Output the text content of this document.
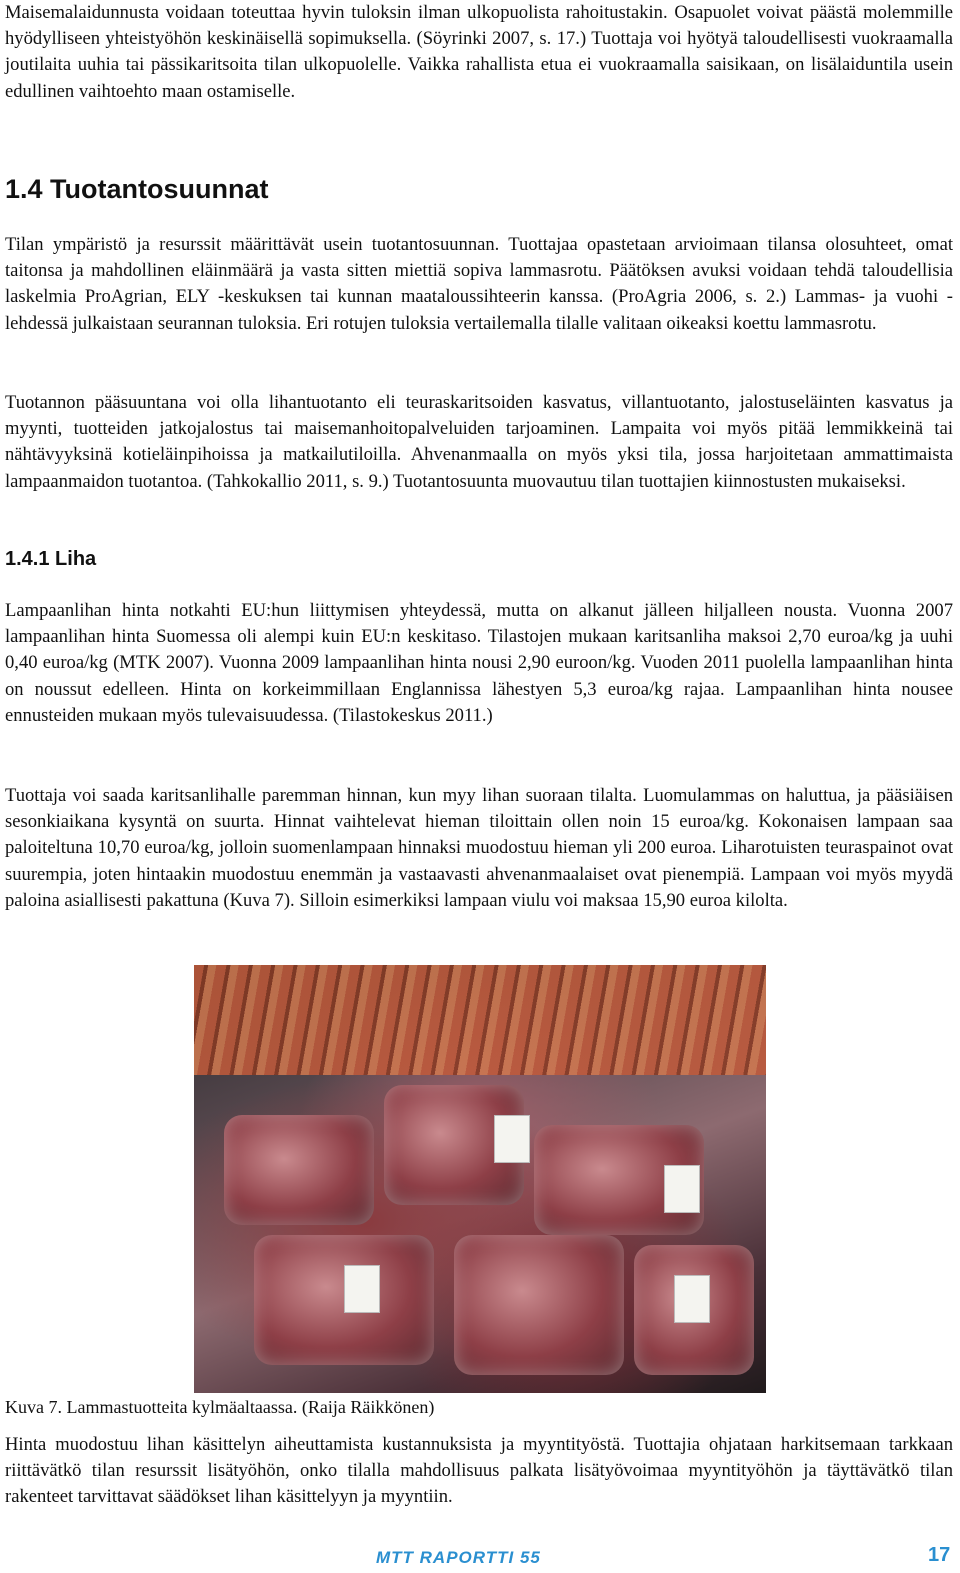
Maisemalaidunnusta voidaan toteuttaa hyvin tuloksin ilman ulkopuolista rahoitustakin. Osapuolet voivat päästä molemmille hyödylliseen yhteistyöhön keskinäisellä sopimuksella. (Söyrinki 2007, s. 17.) Tuottaja voi hyötyä taloudellisesti vuokraamalla joutilaita uuhia tai pässikaritsoita tilan ulkopuolelle. Vaikka rahallista etua ei vuokraamalla saisikaan, on lisälaiduntila usein edullinen vaihtoehto maan ostamiselle.

1.4 Tuotantosuunnat

Tilan ympäristö ja resurssit määrittävät usein tuotantosuunnan. Tuottajaa opastetaan arvioimaan tilansa olosuhteet, omat taitonsa ja mahdollinen eläinmäärä ja vasta sitten miettiä sopiva lammasrotu. Päätöksen avuksi voidaan tehdä taloudellisia laskelmia ProAgrian, ELY -keskuksen tai kunnan maataloussihteerin kanssa. (ProAgria 2006, s. 2.) Lammas- ja vuohi -lehdessä julkaistaan seurannan tuloksia. Eri rotujen tuloksia vertailemalla tilalle valitaan oikeaksi koettu lammasrotu.

Tuotannon pääsuuntana voi olla lihantuotanto eli teuraskaritsoiden kasvatus, villantuotanto, jalostuseläinten kasvatus ja myynti, tuotteiden jatkojalostus tai maisemanhoitopalveluiden tarjoaminen. Lampaita voi myös pitää lemmikkeinä tai nähtävyyksinä kotieläinpihoissa ja matkailutiloilla. Ahvenanmaalla on myös yksi tila, jossa harjoitetaan ammattimaista lampaanmaidon tuotantoa. (Tahkokallio 2011, s. 9.) Tuotantosuunta muovautuu tilan tuottajien kiinnostusten mukaiseksi.

1.4.1 Liha

Lampaanlihan hinta notkahti EU:hun liittymisen yhteydessä, mutta on alkanut jälleen hiljalleen nousta. Vuonna 2007 lampaanlihan hinta Suomessa oli alempi kuin EU:n keskitaso. Tilastojen mukaan karitsanliha maksoi 2,70 euroa/kg ja uuhi 0,40 euroa/kg (MTK 2007). Vuonna 2009 lampaanlihan hinta nousi 2,90 euroon/kg. Vuoden 2011 puolella lampaanlihan hinta on noussut edelleen. Hinta on korkeimmillaan Englannissa lähestyen 5,3 euroa/kg rajaa. Lampaanlihan hinta nousee ennusteiden mukaan myös tulevaisuudessa. (Tilastokeskus 2011.)

Tuottaja voi saada karitsanlihalle paremman hinnan, kun myy lihan suoraan tilalta. Luomulammas on haluttua, ja pääsiäisen sesonkiaikana kysyntä on suurta. Hinnat vaihtelevat hieman tiloittain ollen noin 15 euroa/kg. Kokonaisen lampaan saa paloiteltuna 10,70 euroa/kg, jolloin suomenlampaan hinnaksi muodostuu hieman yli 200 euroa. Liharotuisten teuraspainot ovat suurempia, joten hintaakin muodostuu enemmän ja vastaavasti ahvenanmaalaiset ovat pienempiä. Lampaan voi myös myydä paloina asiallisesti pakattuna (Kuva 7). Silloin esimerkiksi lampaan viulu voi maksaa 15,90 euroa kilolta.

Kuva 7. Lammastuotteita kylmäaltaassa. (Raija Räikkönen)

Hinta muodostuu lihan käsittelyn aiheuttamista kustannuksista ja myyntityöstä. Tuottajia ohjataan harkitsemaan tarkkaan riittävätkö tilan resurssit lisätyöhön, onko tilalla mahdollisuus palkata lisätyövoimaa myyntityöhön ja täyttävätkö tilan rakenteet tarvittavat säädökset lihan käsittelyyn ja myyntiin.

MTT RAPORTTI 55	17
